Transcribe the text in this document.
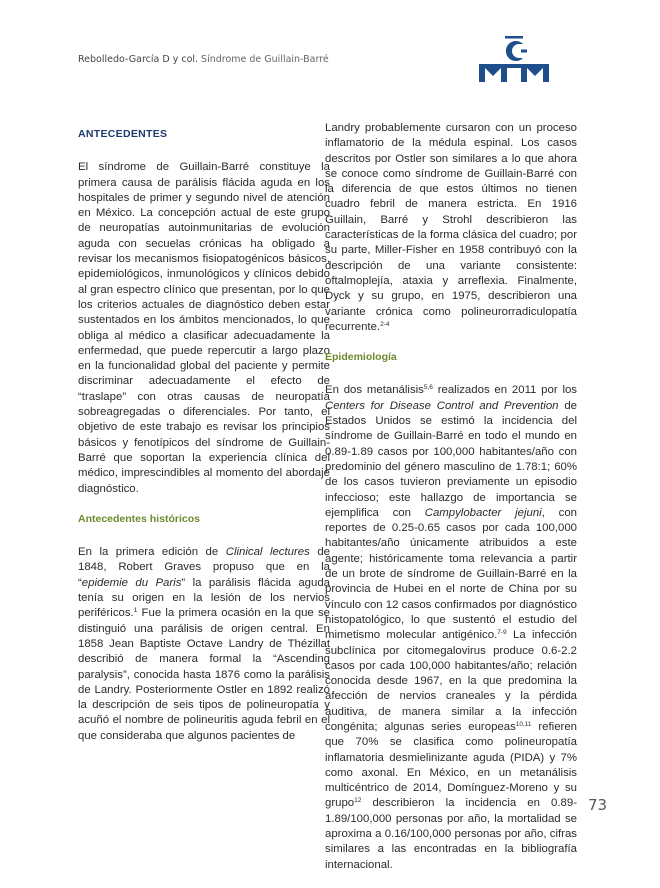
Rebolledo-García D y col. Síndrome de Guillain-Barré
ANTECEDENTES

El síndrome de Guillain-Barré constituye la primera causa de parálisis flácida aguda en los hospitales de primer y segundo nivel de atención en México. La concepción actual de este grupo de neuropatías autoinmunitarias de evolución aguda con secuelas crónicas ha obligado a revisar los mecanismos fisiopatogénicos básicos, epidemiológicos, inmunológicos y clínicos debido al gran espectro clínico que presentan, por lo que los criterios actuales de diagnóstico deben estar sustentados en los ámbitos mencionados, lo que obliga al médico a clasificar adecuadamente la enfermedad, que puede repercutir a largo plazo en la funcionalidad global del paciente y permite discriminar adecuadamente el efecto de “traslape” con otras causas de neuropatía sobreagregadas o diferenciales. Por tanto, el objetivo de este trabajo es revisar los principios básicos y fenotípicos del síndrome de Guillain-Barré que soportan la experiencia clínica del médico, imprescindibles al momento del abordaje diagnóstico.

Antecedentes históricos

En la primera edición de Clinical lectures de 1848, Robert Graves propuso que en la “epidemie du Paris” la parálisis flácida aguda tenía su origen en la lesión de los nervios periféricos.$^1$ Fue la primera ocasión en la que se distinguió una parálisis de origen central. En 1858 Jean Baptiste Octave Landry de Thézillat describió de manera formal la “Ascending paralysis”, conocida hasta 1876 como la parálisis de Landry. Posteriormente Ostler en 1892 realizó la descripción de seis tipos de polineuropatía y acuñó el nombre de polineuritis aguda febril en el que consideraba que algunos pacientes de

Landry probablemente cursaron con un proceso inflamatorio de la médula espinal. Los casos descritos por Ostler son similares a lo que ahora se conoce como síndrome de Guillain-Barré con la diferencia de que estos últimos no tienen cuadro febril de manera estricta. En 1916 Guillain, Barré y Strohl describieron las características de la forma clásica del cuadro; por su parte, Miller-Fisher en 1958 contribuyó con la descripción de una variante consistente: oftalmoplejía, ataxia y arreflexia. Finalmente, Dyck y su grupo, en 1975, describieron una variante crónica como polineurorradiculopatía recurrente.$^{2-4}$

Epidemiología

En dos metanálisis$^{5,6}$ realizados en 2011 por los Centers for Disease Control and Prevention de Estados Unidos se estimó la incidencia del síndrome de Guillain-Barré en todo el mundo en 0.89-1.89 casos por 100,000 habitantes/año con predominio del género masculino de 1.78:1; 60% de los casos tuvieron previamente un episodio infeccioso; este hallazgo de importancia se ejemplifica con Campylobacter jejuni, con reportes de 0.25-0.65 casos por cada 100,000 habitantes/año únicamente atribuidos a este agente; históricamente toma relevancia a partir de un brote de síndrome de Guillain-Barré en la provincia de Hubei en el norte de China por su vínculo con 12 casos confirmados por diagnóstico histopatológico, lo que sustentó el estudio del mimetismo molecular antigénico.$^{7-9}$ La infección subclínica por citomegalovirus produce 0.6-2.2 casos por cada 100,000 habitantes/año; relación conocida desde 1967, en la que predomina la afección de nervios craneales y la pérdida auditiva, de manera similar a la infección congénita; algunas series europeas$^{10,11}$ refieren que 70% se clasifica como polineuropatía inflamatoria desmielinizante aguda (PIDA) y 7% como axonal. En México, en un metanálisis multicéntrico de 2014, Domínguez-Moreno y su grupo$^{12}$ describieron la incidencia en 0.89-1.89/100,000 personas por año, la mortalidad se aproxima a 0.16/100,000 personas por año, cifras similares a las encontradas en la bibliografía internacional.

73
